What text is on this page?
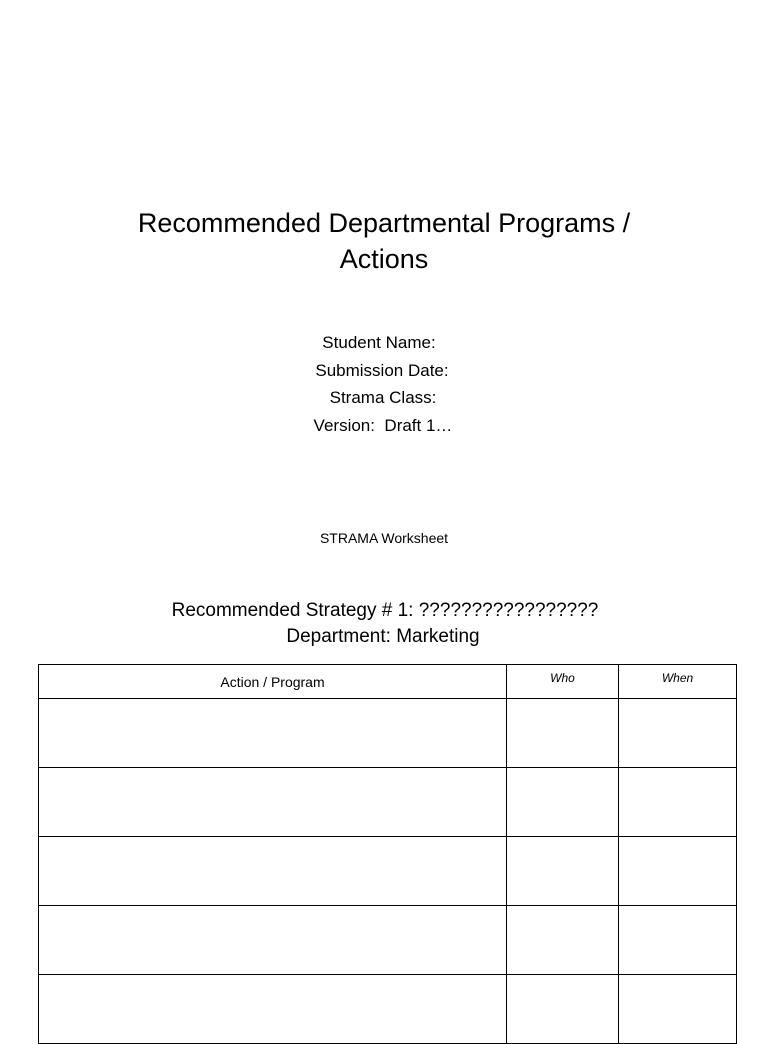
Recommended Departmental Programs /
Actions
Student Name:
Submission Date:
Strama Class:
Version:  Draft 1…
STRAMA Worksheet
Recommended Strategy # 1: ?????????????????
Department: Marketing
Action / Program	Who	When
